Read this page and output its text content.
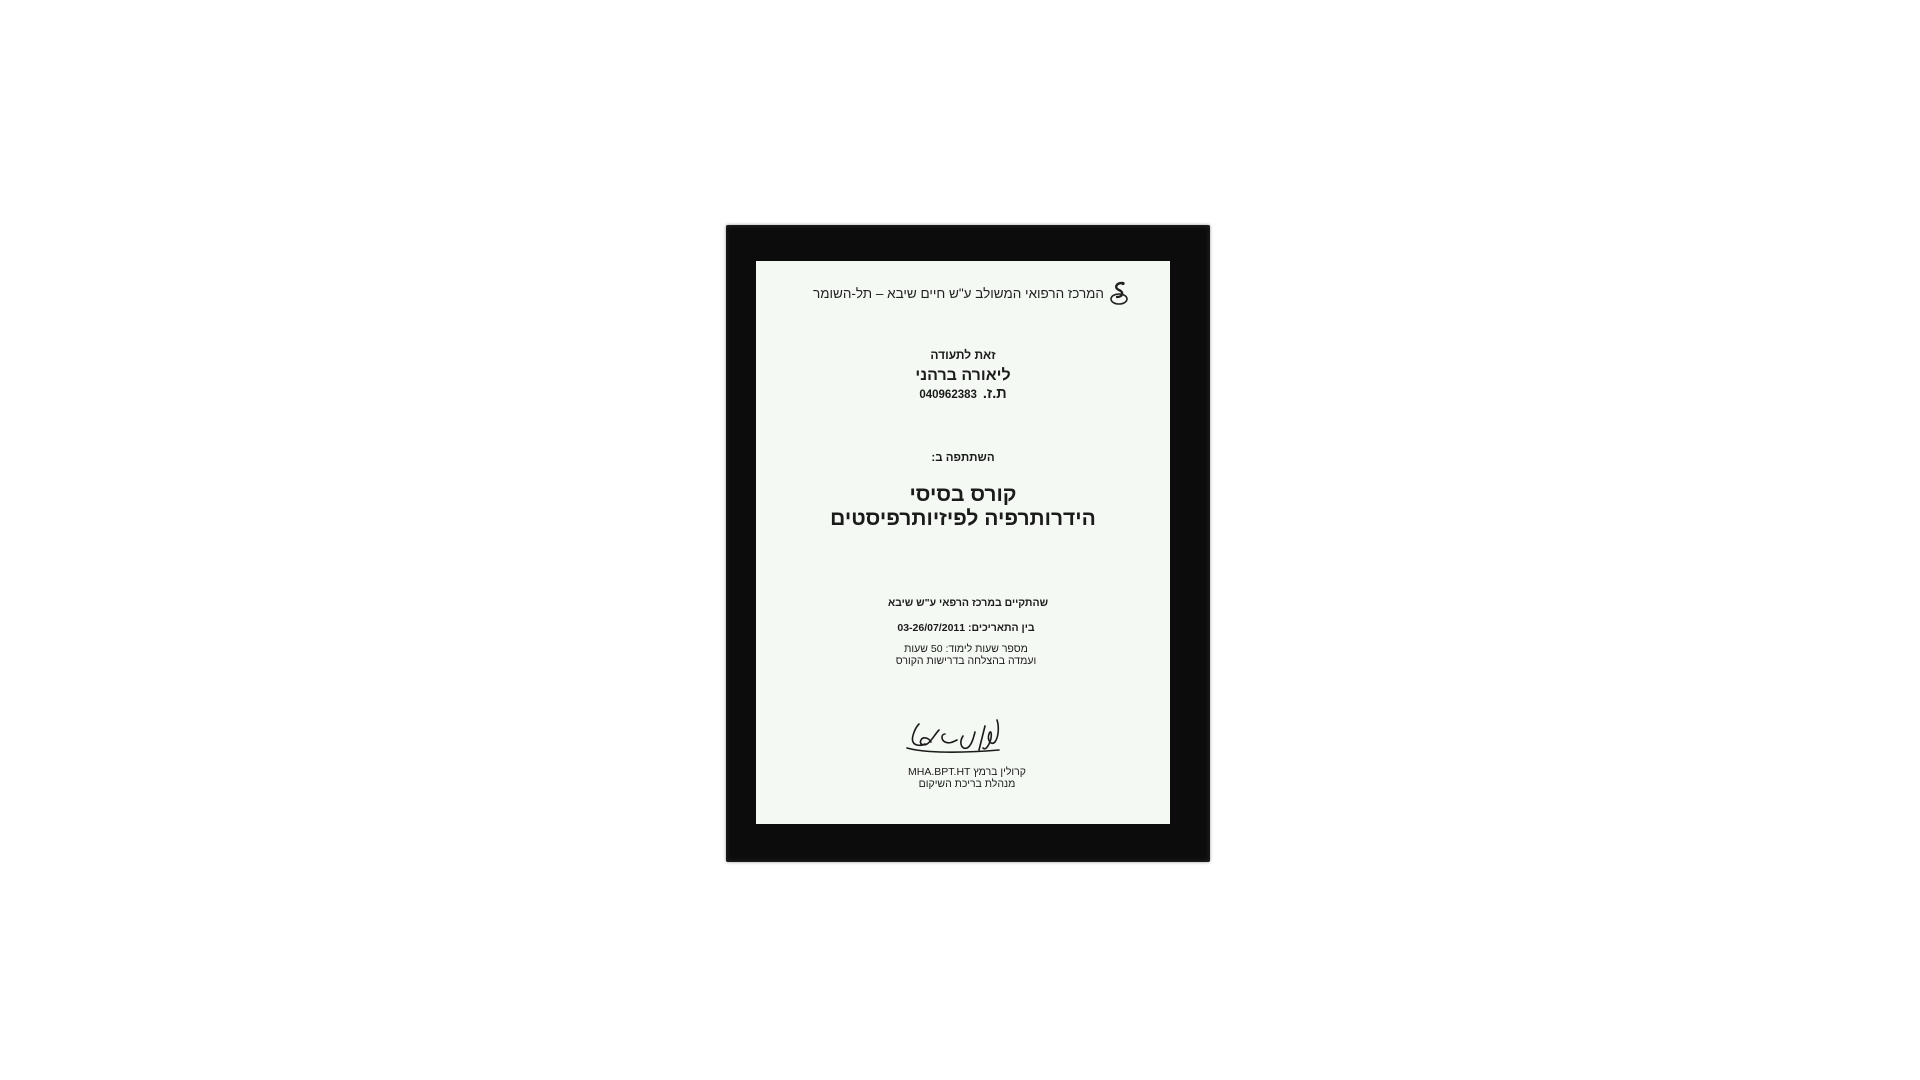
המרכז הרפואי המשולב ע"ש חיים שיבא – תל-השומר
זאת לתעודה
ליאורה ברהני
ת.ז.
040962383
השתתפה ב:
קורס בסיסי
הידרותרפיה לפיזיותרפיסטים
שהתקיים במרכז הרפאי ע"ש שיבא
בין התאריכים: 03-26/07/2011
מספר שעות לימוד: 50 שעות
ועמדה בהצלחה בדרישות הקורס
קרולין ברמץ MHA.BPT.HT
מנהלת בריכת השיקום
